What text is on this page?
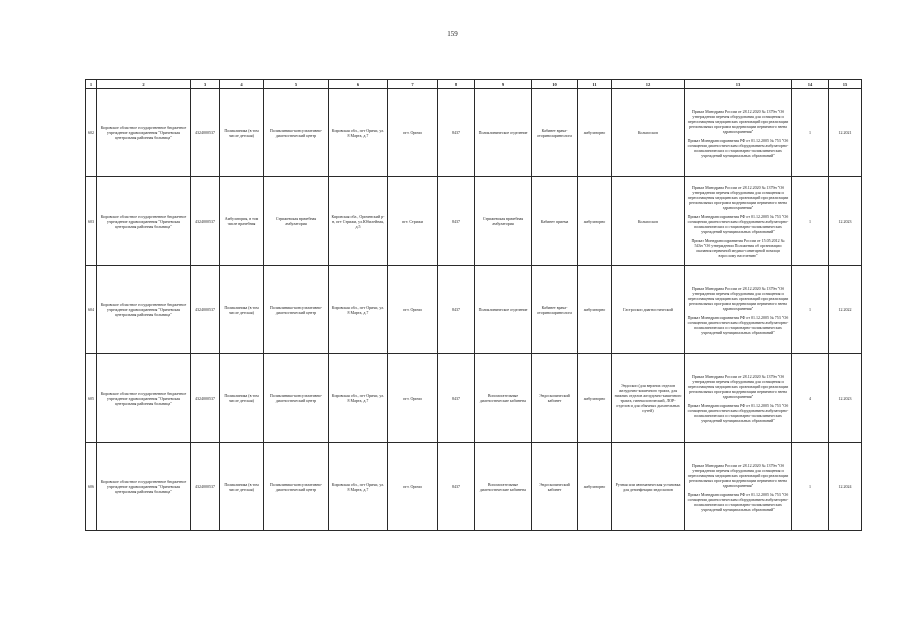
159
1	2	3	4	5	6	7	8	9	10	11	12	13	14	15
602	Кировское областное государственное бюджетное учреждение здравоохранения "Оричевская центральная районная больница"	4324000537	Поликлиника (в том числе детская)	Поликлинико-консультативно-диагностический центр	Кировская обл., пгт Оричи, ул. 8 Марта, д.7	пгт. Оричи	8437	Поликлиническое отделение	Кабинет врача-оториноларинголога	амбулаторно	Кольпоскоп	Приказ Минздрава России от 28.12.2020 № 1379н "Об утверждении перечня оборудования для оснащения и переоснащения медицинских организаций при реализации региональных программ модернизации первичного звена здравоохранения"
Приказ Минздравсоцразвития РФ от 01.12.2005 № 753 "Об оснащении диагностическим оборудованием амбулаторно-поликлинических и стационарно-поликлинических учреждений муниципальных образований"	1	12.2021
603	Кировское областное государственное бюджетное учреждение здравоохранения "Оричевская центральная районная больница"	4324000537	Амбулатория, в том числе врачебная	Стрижевская врачебная амбулатория	Кировская обл., Оричевский р-н, пгт Стрижи, ул.Юбилейная, д.5	пгт. Стрижи	8437	Стрижевская врачебная амбулатория	Кабинет приема	амбулаторно	Кольпоскоп	Приказ Минздрава России от 28.12.2020 № 1379н "Об утверждении перечня оборудования для оснащения и переоснащения медицинских организаций при реализации региональных программ модернизации первичного звена здравоохранения"
Приказ Минздравсоцразвития РФ от 01.12.2005 № 753 "Об оснащении диагностическим оборудованием амбулаторно-поликлинических и стационарно-поликлинических учреждений муниципальных образований"
Приказ Минздравсоцразвития России от 15.05.2012 № 543н "Об утверждении Положения об организации оказания первичной медико-санитарной помощи взрослому населению"	1	12.2023
604	Кировское областное государственное бюджетное учреждение здравоохранения "Оричевская центральная районная больница"	4324000537	Поликлиника (в том числе детская)	Поликлинико-консультативно-диагностический центр	Кировская обл., пгт Оричи, ул. 8 Марта, д.7	пгт. Оричи	8437	Поликлиническое отделение	Кабинет врача-оториноларинголога	амбулаторно	Гастроскоп диагностический	Приказ Минздрава России от 28.12.2020 № 1379н "Об утверждении перечня оборудования для оснащения и переоснащения медицинских организаций при реализации региональных программ модернизации первичного звена здравоохранения"
Приказ Минздравсоцразвития РФ от 01.12.2005 № 753 "Об оснащении диагностическим оборудованием амбулаторно-поликлинических и стационарно-поликлинических учреждений муниципальных образований"	1	12.2022
605	Кировское областное государственное бюджетное учреждение здравоохранения "Оричевская центральная районная больница"	4324000537	Поликлиника (в том числе детская)	Поликлинико-консультативно-диагностический центр	Кировская обл., пгт Оричи, ул. 8 Марта, д.7	пгт. Оричи	8437	Вспомогательные диагностические кабинеты	Эндоскопический кабинет	амбулаторно	Эндоскоп (для верхних отделов желудочно-кишечного тракта, для нижних отделов желудочно-кишечного тракта, гинекологический, ЛОР-отделов и для обычных дыхательных путей)	Приказ Минздрава России от 28.12.2020 № 1379н "Об утверждении перечня оборудования для оснащения и переоснащения медицинских организаций при реализации региональных программ модернизации первичного звена здравоохранения"
Приказ Минздравсоцразвития РФ от 01.12.2005 № 753 "Об оснащении диагностическим оборудованием амбулаторно-поликлинических и стационарно-поликлинических учреждений муниципальных образований"	4	12.2023
606	Кировское областное государственное бюджетное учреждение здравоохранения "Оричевская центральная районная больница"	4324000537	Поликлиника (в том числе детская)	Поликлинико-консультативно-диагностический центр	Кировская обл., пгт Оричи, ул. 8 Марта, д.7	пгт. Оричи	8437	Вспомогательные диагностические кабинеты	Эндоскопический кабинет	амбулаторно	Ручная или автоматическая установка для дезинфекции эндоскопов	Приказ Минздрава России от 28.12.2020 № 1379н "Об утверждении перечня оборудования для оснащения и переоснащения медицинских организаций при реализации региональных программ модернизации первичного звена здравоохранения"
Приказ Минздравсоцразвития РФ от 01.12.2005 № 753 "Об оснащении диагностическим оборудованием амбулаторно-поликлинических и стационарно-поликлинических учреждений муниципальных образований"	1	12.2024
